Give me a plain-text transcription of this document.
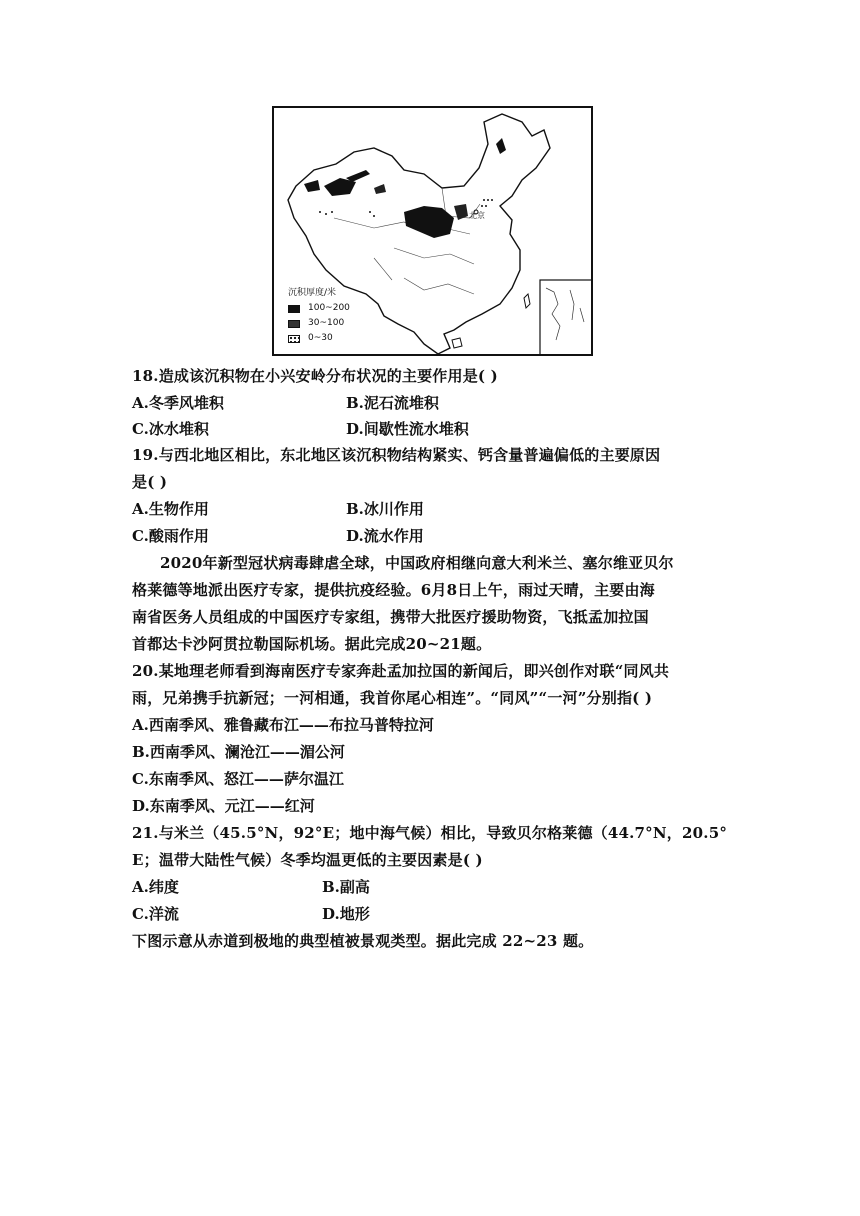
北京
沉积厚度/米
100~200
30~100
0~30
18.造成该沉积物在小兴安岭分布状况的主要作用是( )
A.冬季风堆积	B.泥石流堆积
C.冰水堆积	D.间歇性流水堆积
19.与西北地区相比，东北地区该沉积物结构紧实、钙含量普遍偏低的主要原因
是( )
A.生物作用	B.冰川作用
C.酸雨作用	D.流水作用
2020年新型冠状病毒肆虐全球，中国政府相继向意大利米兰、塞尔维亚贝尔
格莱德等地派出医疗专家，提供抗疫经验。6月8日上午，雨过天晴，主要由海
南省医务人员组成的中国医疗专家组，携带大批医疗援助物资，飞抵孟加拉国
首都达卡沙阿贯拉勒国际机场。据此完成20~21题。
20.某地理老师看到海南医疗专家奔赴孟加拉国的新闻后，即兴创作对联“同风共
雨，兄弟携手抗新冠；一河相通，我首你尾心相连”。“同风”“一河”分别指( )
A.西南季风、雅鲁藏布江——布拉马普特拉河
B.西南季风、澜沧江——湄公河
C.东南季风、怒江——萨尔温江
D.东南季风、元江——红河
21.与米兰（45.5°N，92°E；地中海气候）相比，导致贝尔格莱德（44.7°N，20.5°
E；温带大陆性气候）冬季均温更低的主要因素是( )
A.纬度	B.副高
C.洋流	D.地形
下图示意从赤道到极地的典型植被景观类型。据此完成 22~23 题。
